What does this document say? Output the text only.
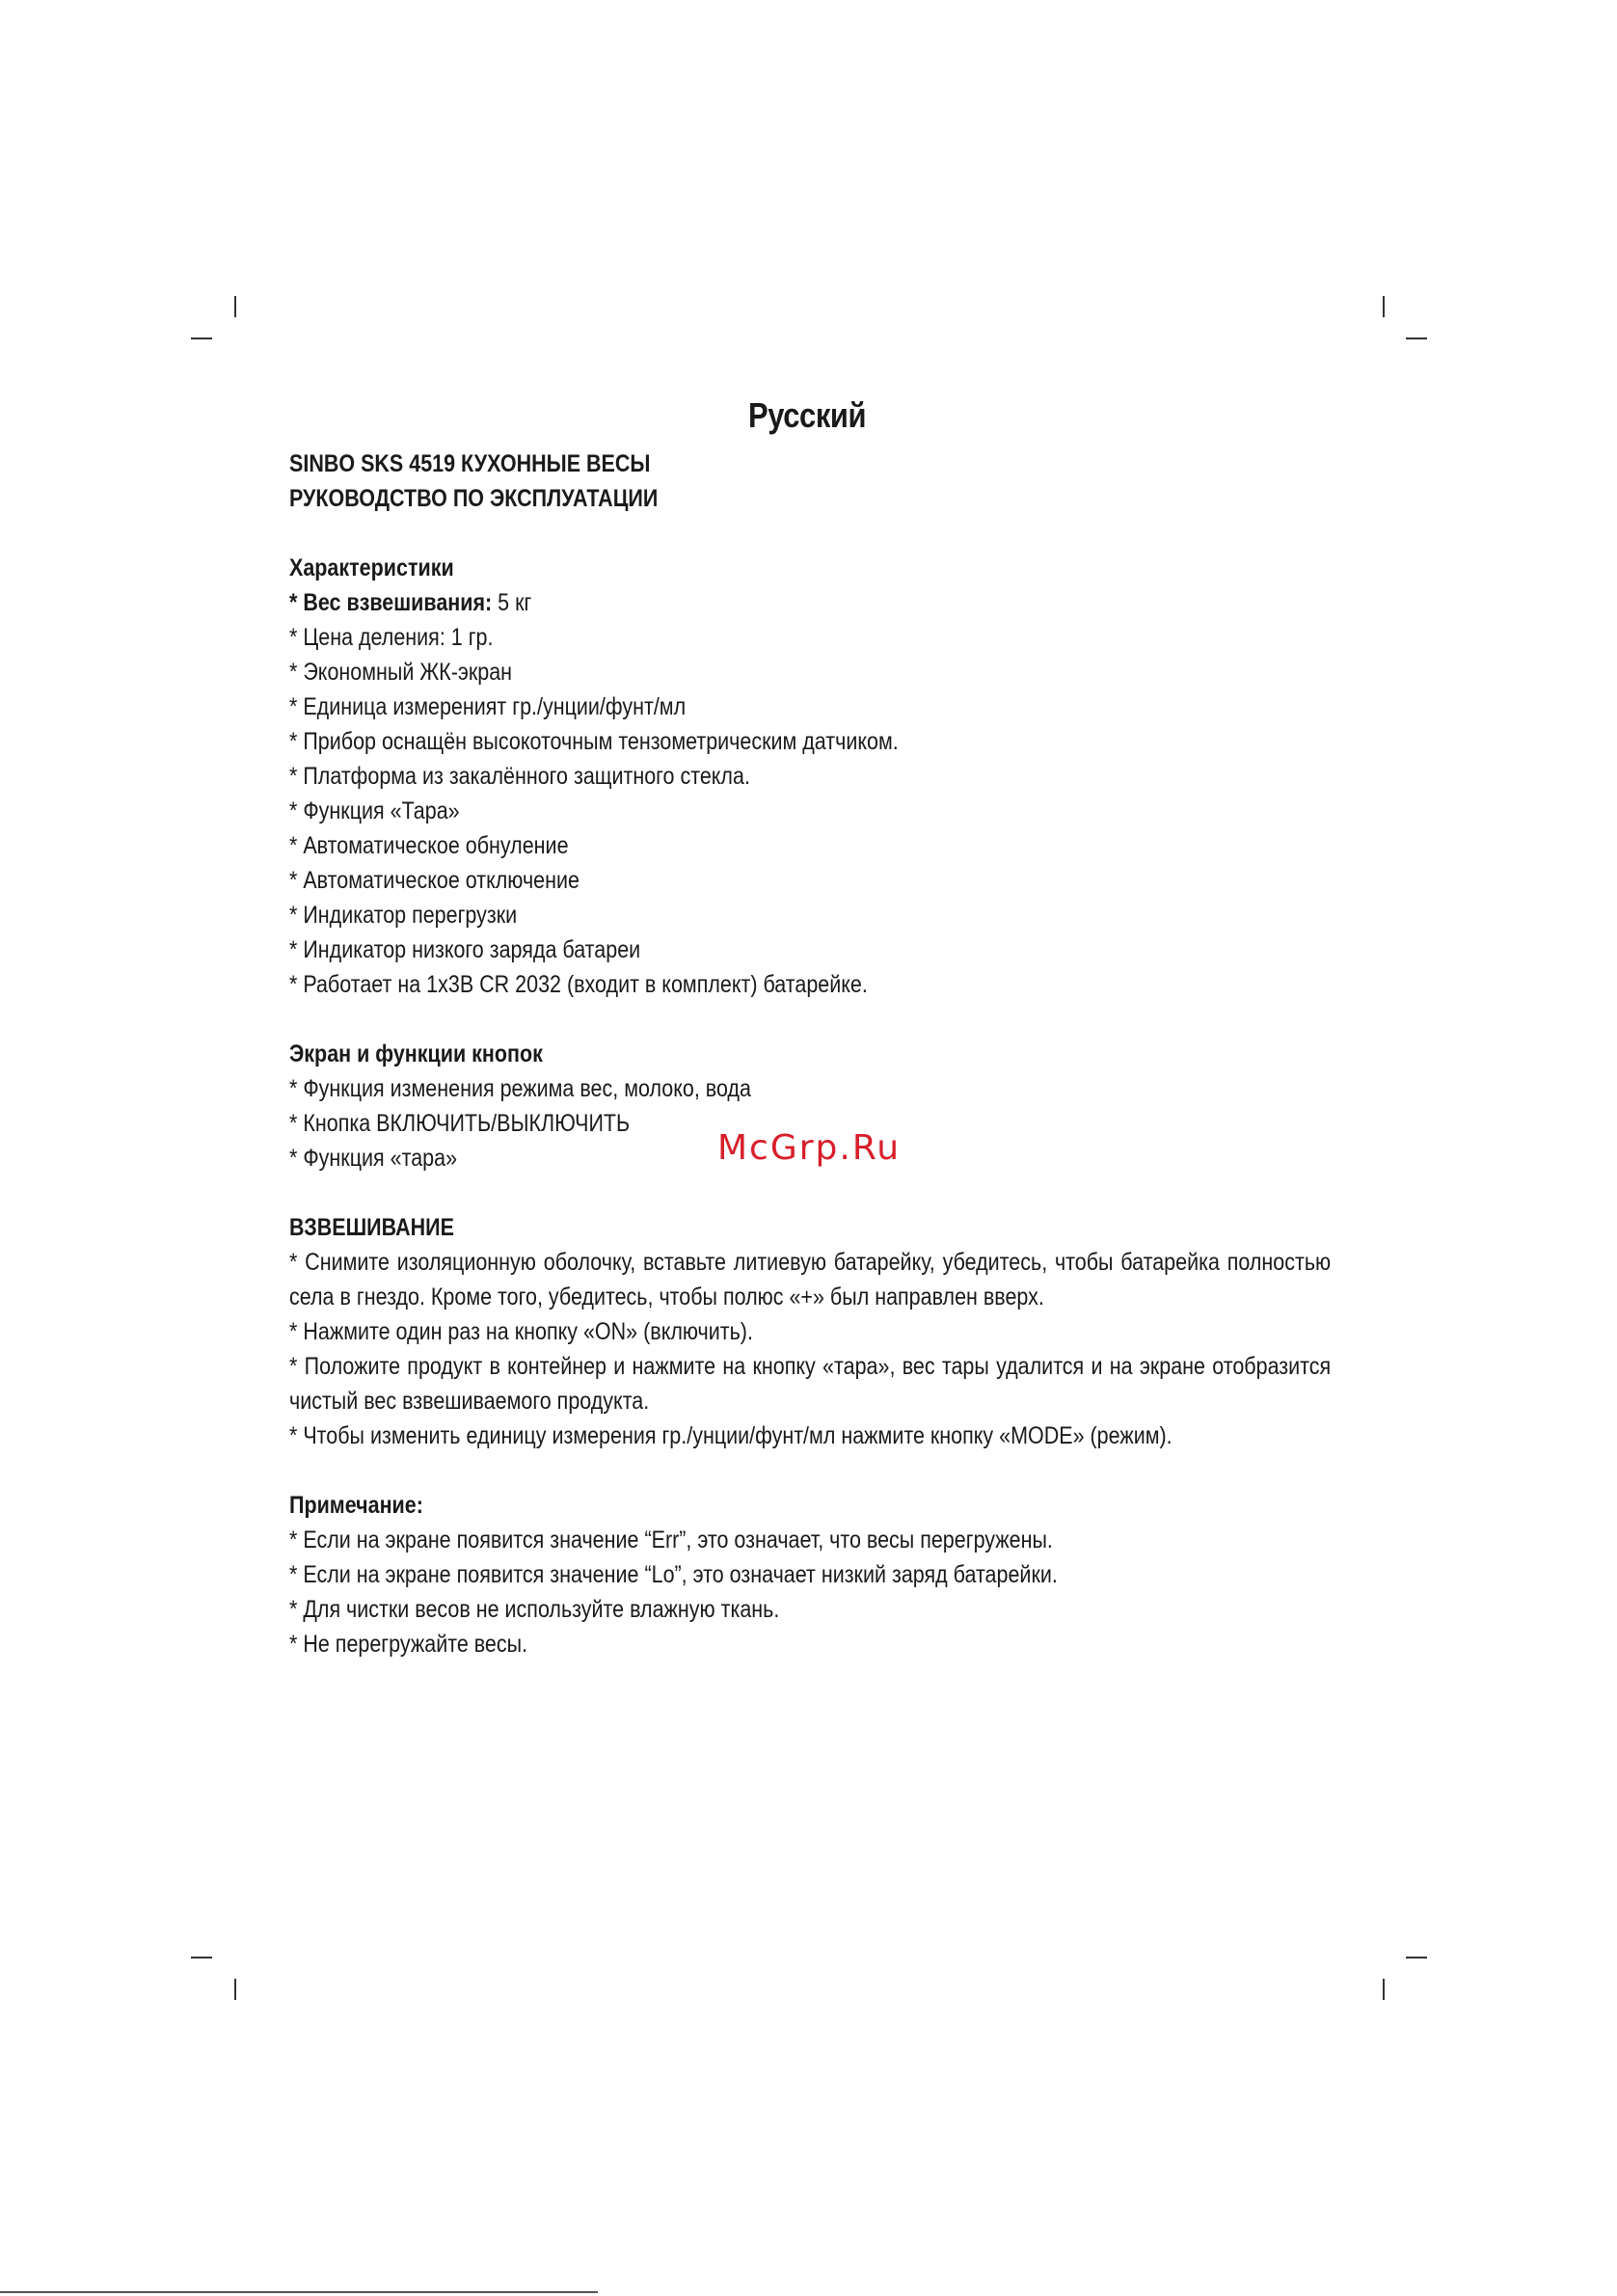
Русский

SINBO SKS 4519 КУХОННЫЕ ВЕСЫ

РУКОВОДСТВО ПО ЭКСПЛУАТАЦИИ

Характеристики

* Вес взвешивания: 5 кг

* Цена деления: 1 гр.

* Экономный ЖК-экран

* Единица измереният гр./унции/фунт/мл

* Прибор оснащён высокоточным тензометрическим датчиком.

* Платформа из закалённого защитного стекла.

* Функция «Тара»

* Автоматическое обнуление

* Автоматическое отключение

* Индикатор перегрузки

* Индикатор низкого заряда батареи

* Работает на 1х3В CR 2032 (входит в комплект) батарейке.

Экран и функции кнопок

* Функция изменения режима вес, молоко, вода

* Кнопка ВКЛЮЧИТЬ/ВЫКЛЮЧИТЬ

* Функция «тара»

ВЗВЕШИВАНИЕ

* Снимите изоляционную оболочку, вставьте литиевую батарейку, убедитесь, чтобы батарейка полностью села в гнездо. Кроме того, убедитесь, чтобы полюс «+» был направлен вверх.

* Нажмите один раз на кнопку «ON» (включить).

* Положите продукт в контейнер и нажмите на кнопку «тара», вес тары удалится и на экране отобразится чистый вес взвешиваемого продукта.

* Чтобы изменить единицу измерения гр./унции/фунт/мл нажмите кнопку «MODE» (режим).

Примечание:

* Если на экране появится значение “Err”, это означает, что весы перегружены.

* Если на экране появится значение “Lo”, это означает низкий заряд батарейки.

* Для чистки весов не используйте влажную ткань.

* Не перегружайте весы.

McGrp.Ru
